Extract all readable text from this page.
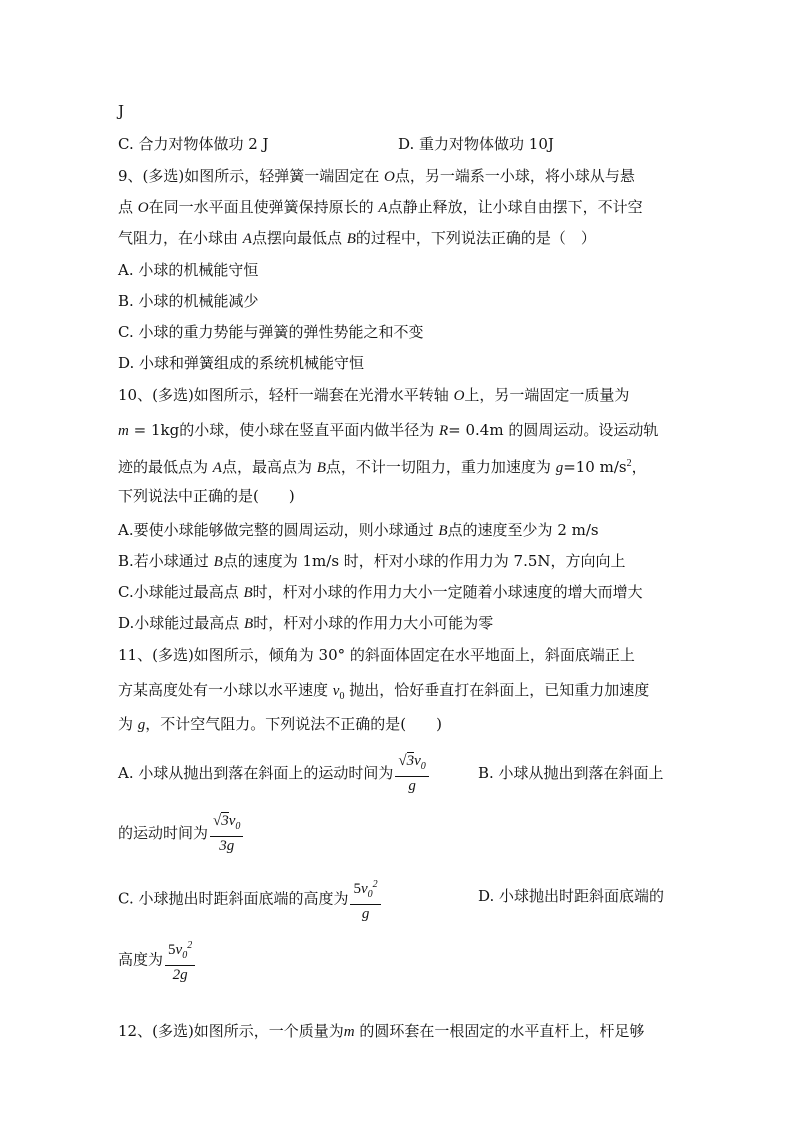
J
C. 合力对物体做功 2 J	D. 重力对物体做功 10J
9、(多选)如图所示，轻弹簧一端固定在 O点，另一端系一小球，将小球从与悬
点 O在同一水平面且使弹簧保持原长的 A点静止释放，让小球自由摆下，不计空
气阻力，在小球由 A点摆向最低点 B的过程中，下列说法正确的是（　）
A. 小球的机械能守恒
B. 小球的机械能减少
C. 小球的重力势能与弹簧的弹性势能之和不变
D. 小球和弹簧组成的系统机械能守恒
10、(多选)如图所示，轻杆一端套在光滑水平转轴 O上，另一端固定一质量为
m = 1kg的小球，使小球在竖直平面内做半径为 R= 0.4m 的圆周运动。设运动轨
迹的最低点为 A点，最高点为 B点，不计一切阻力，重力加速度为 g=10 $m/s^2$，
下列说法中正确的是(　　)
A.要使小球能够做完整的圆周运动，则小球通过 B点的速度至少为 2 m/s
B.若小球通过 B点的速度为 1m/s 时，杆对小球的作用力为 7.5N，方向向上
C.小球能过最高点 B时，杆对小球的作用力大小一定随着小球速度的增大而增大
D.小球能过最高点 B时，杆对小球的作用力大小可能为零
11、(多选)如图所示，倾角为 30° 的斜面体固定在水平地面上，斜面底端正上
方某高度处有一小球以水平速度 $v_0$ 抛出，恰好垂直打在斜面上，已知重力加速度
为 g，不计空气阻力。下列说法不正确的是(　　)
A. 小球从抛出到落在斜面上的运动时间为 $\frac{√3v_0}{g}$	B. 小球从抛出到落在斜面上
的运动时间为 $\frac{√3v_0}{3g}$
C. 小球抛出时距斜面底端的高度为 $\frac{5v_0^2}{g}$	D. 小球抛出时距斜面底端的
高度为 $\frac{5v_0^2}{2g}$
12、(多选)如图所示，一个质量为m 的圆环套在一根固定的水平直杆上，杆足够
